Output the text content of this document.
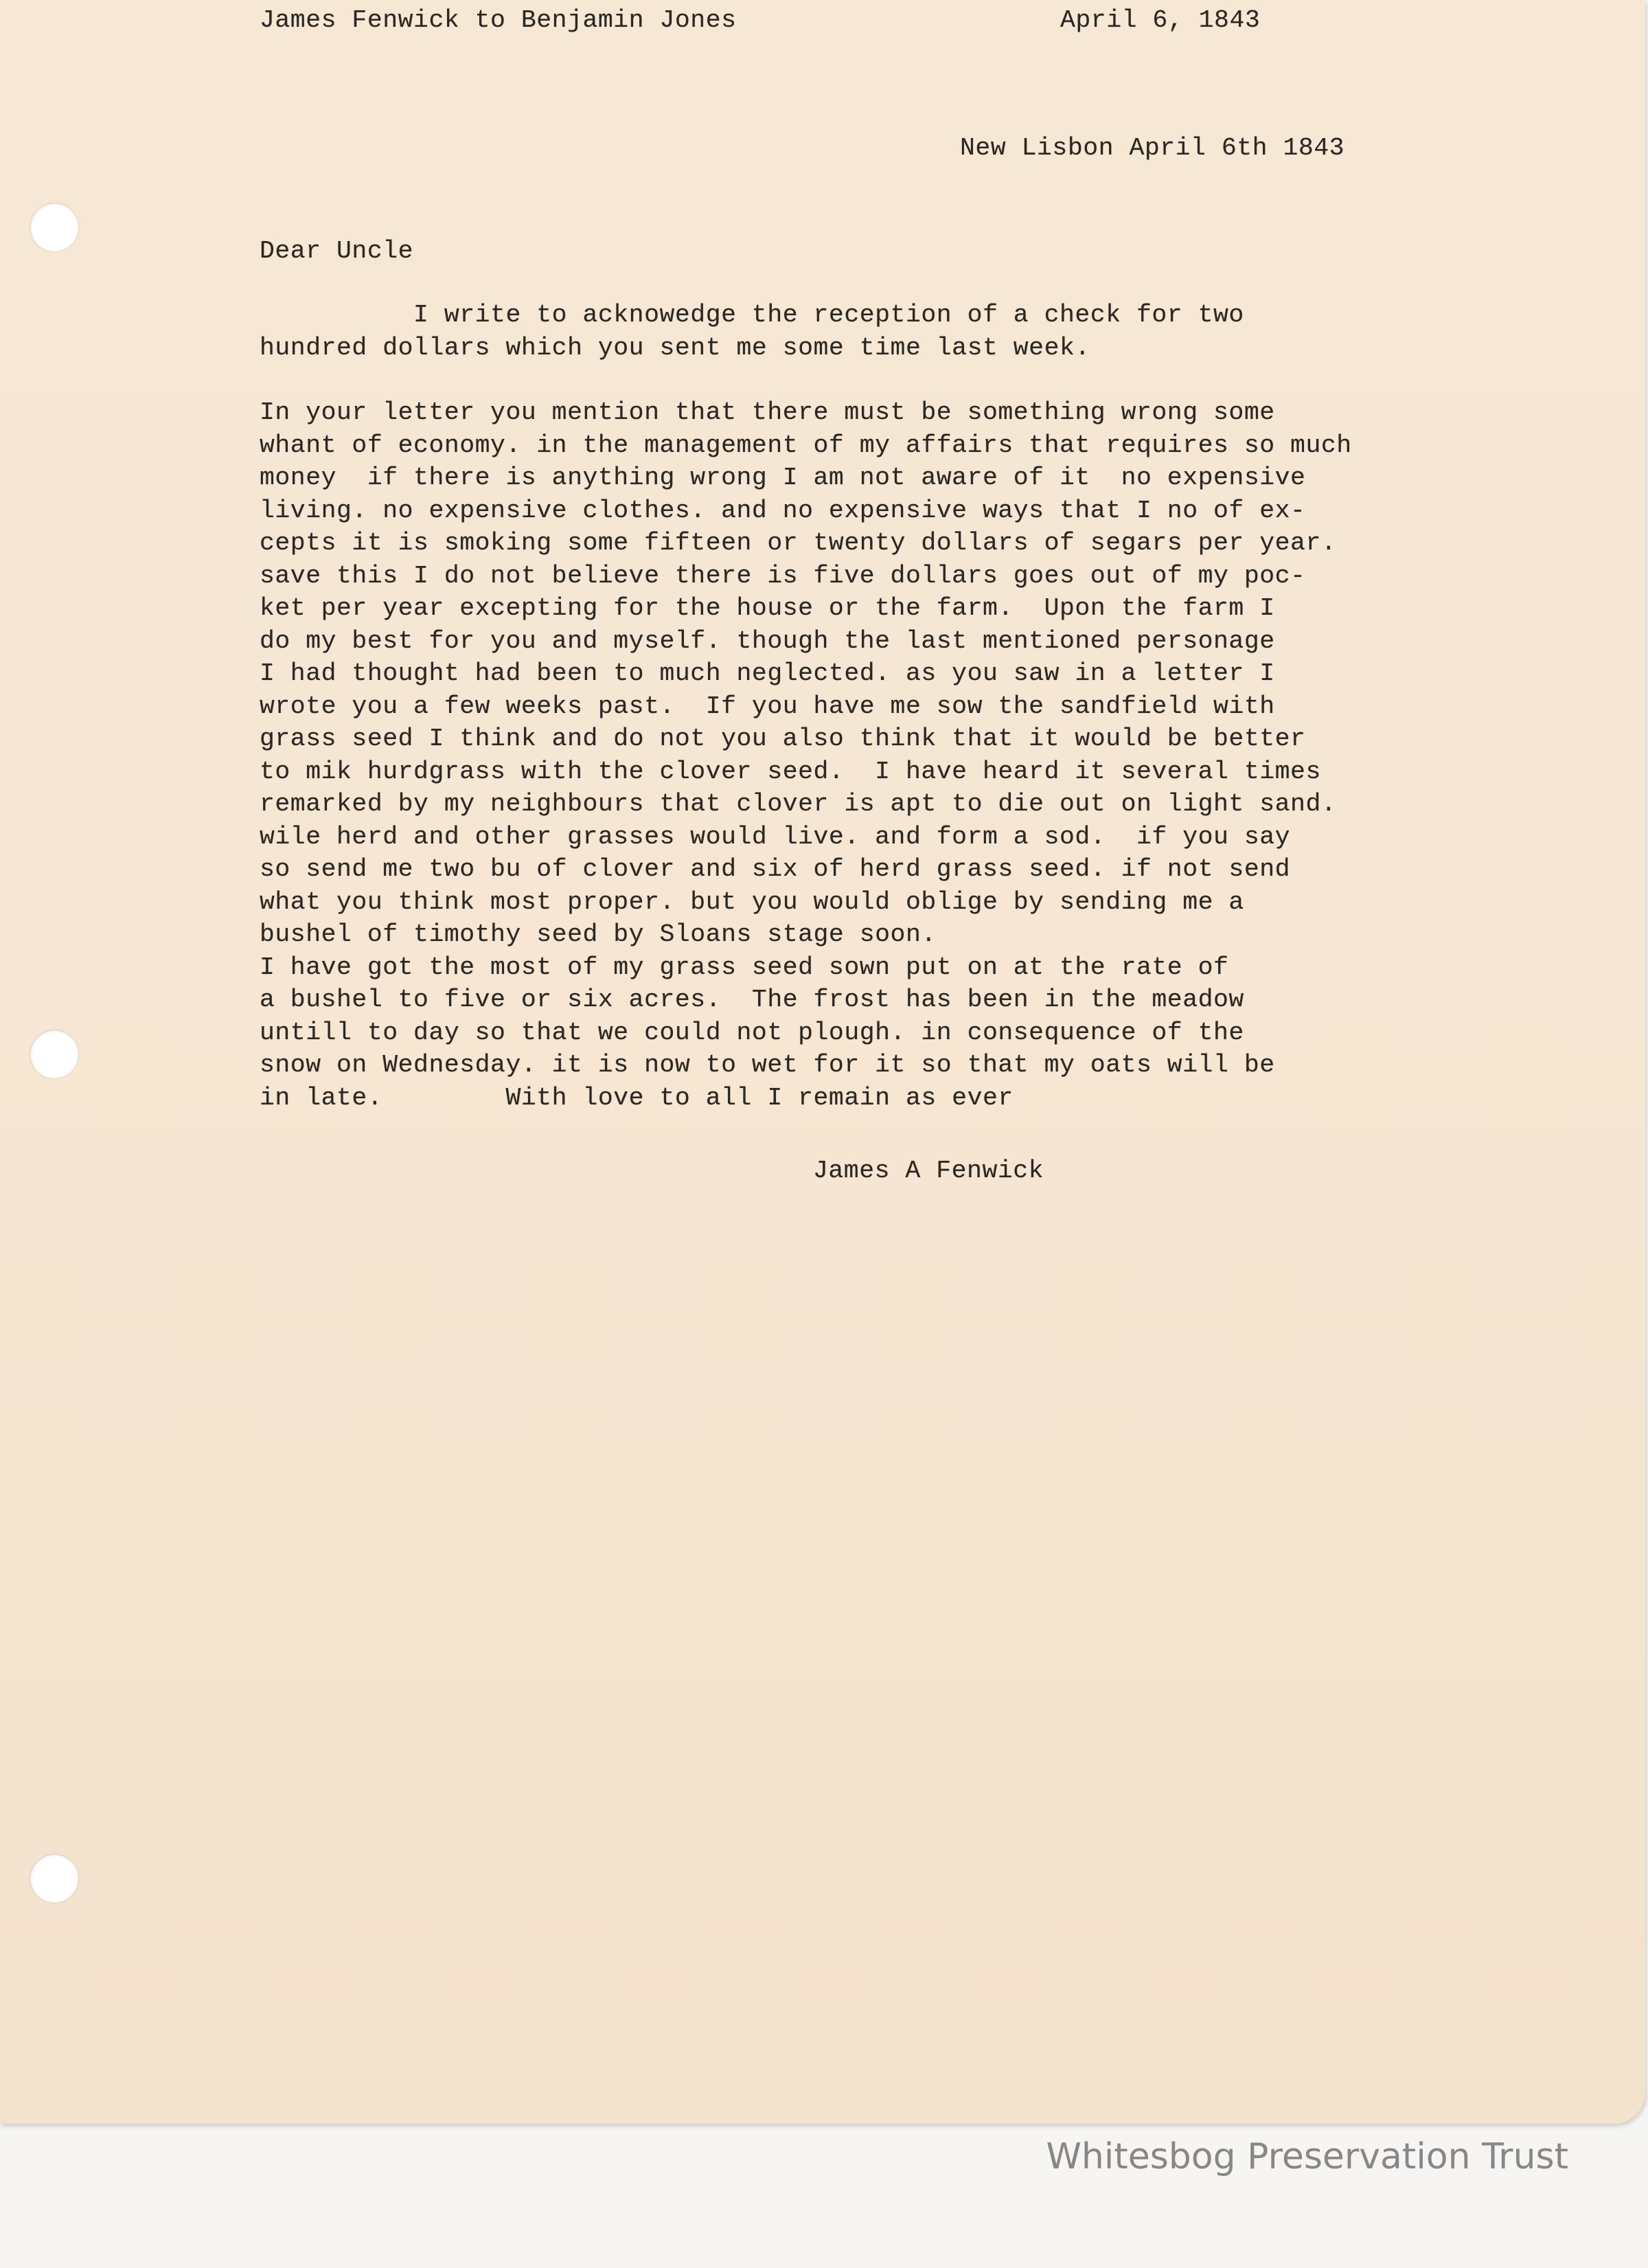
James Fenwick to Benjamin Jones	April 6, 1843
New Lisbon April 6th 1843
Dear Uncle
I write to acknowedge the reception of a check for two
hundred dollars which you sent me some time last week.
In your letter you mention that there must be something wrong some
whant of economy. in the management of my affairs that requires so much
money  if there is anything wrong I am not aware of it  no expensive
living. no expensive clothes. and no expensive ways that I no of ex-
cepts it is smoking some fifteen or twenty dollars of segars per year.
save this I do not believe there is five dollars goes out of my poc-
ket per year excepting for the house or the farm.  Upon the farm I
do my best for you and myself. though the last mentioned personage
I had thought had been to much neglected. as you saw in a letter I
wrote you a few weeks past.  If you have me sow the sandfield with
grass seed I think and do not you also think that it would be better
to mik hurdgrass with the clover seed.  I have heard it several times
remarked by my neighbours that clover is apt to die out on light sand.
wile herd and other grasses would live. and form a sod.  if you say
so send me two bu of clover and six of herd grass seed. if not send
what you think most proper. but you would oblige by sending me a
bushel of timothy seed by Sloans stage soon.
I have got the most of my grass seed sown put on at the rate of
a bushel to five or six acres.  The frost has been in the meadow
untill to day so that we could not plough. in consequence of the
snow on Wednesday. it is now to wet for it so that my oats will be
in late.        With love to all I remain as ever
James A Fenwick
Whitesbog Preservation Trust
